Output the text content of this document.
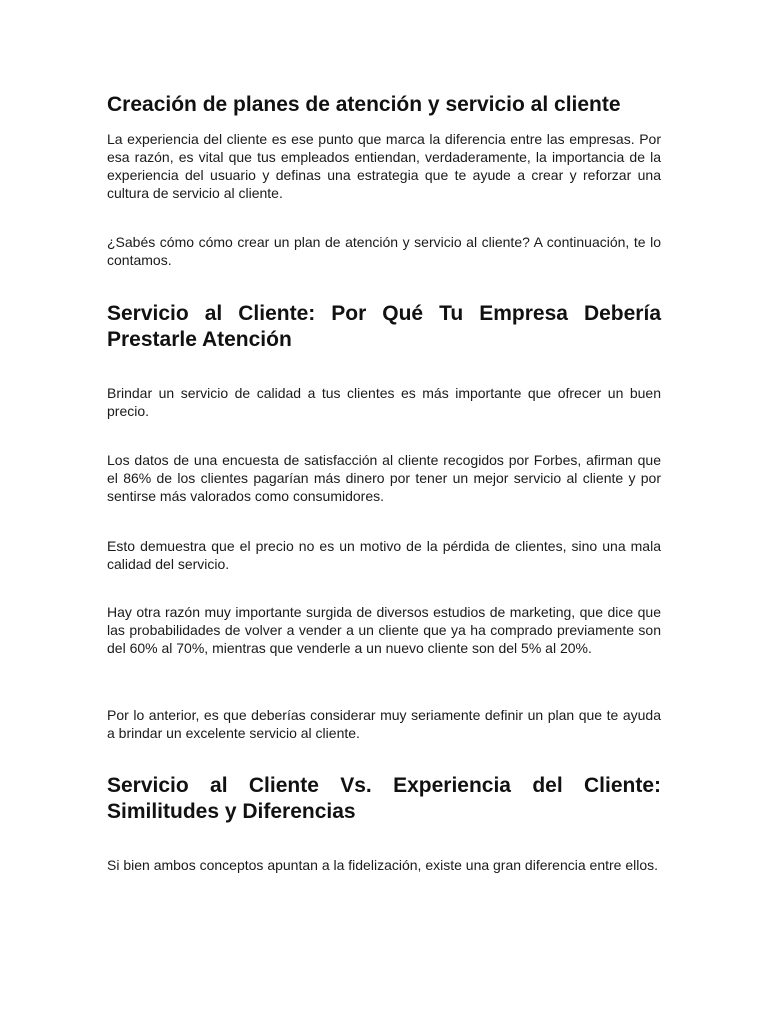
Creación de planes de atención y servicio al cliente

La experiencia del cliente es ese punto que marca la diferencia entre las empresas. Por esa razón, es vital que tus empleados entiendan, verdaderamente, la importancia de la experiencia del usuario y definas una estrategia que te ayude a crear y reforzar una cultura de servicio al cliente.

¿Sabés cómo cómo crear un plan de atención y servicio al cliente? A continuación, te lo contamos.

Servicio al Cliente: Por Qué Tu Empresa Debería Prestarle Atención

Brindar un servicio de calidad a tus clientes es más importante que ofrecer un buen precio.

Los datos de una encuesta de satisfacción al cliente recogidos por Forbes, afirman que el 86% de los clientes pagarían más dinero por tener un mejor servicio al cliente y por sentirse más valorados como consumidores.

Esto demuestra que el precio no es un motivo de la pérdida de clientes, sino una mala calidad del servicio.

Hay otra razón muy importante surgida de diversos estudios de marketing, que dice que las probabilidades de volver a vender a un cliente que ya ha comprado previamente son del 60% al 70%, mientras que venderle a un nuevo cliente son del 5% al 20%.

Por lo anterior, es que deberías considerar muy seriamente definir un plan que te ayuda a brindar un excelente servicio al cliente.

Servicio al Cliente Vs. Experiencia del Cliente: Similitudes y Diferencias

Si bien ambos conceptos apuntan a la fidelización, existe una gran diferencia entre ellos.
